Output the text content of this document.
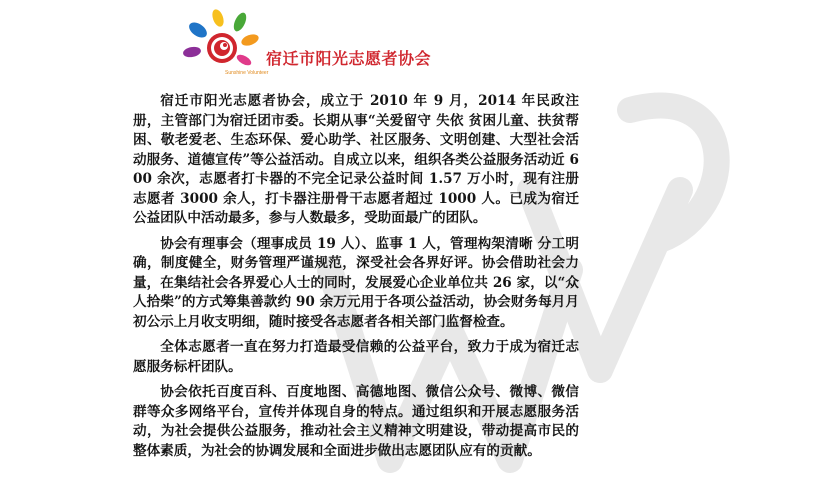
宿迁市阳光志愿者协会
Sunshine Volunteer

宿迁市阳光志愿者协会，成立于 2010 年 9 月，2014 年民政注册，主管部门为宿迁团市委。长期从事“关爱留守 失依 贫困儿童、扶贫帮困、敬老爱老、生态环保、爱心助学、社区服务、文明创建、大型社会活动服务、道德宣传”等公益活动。自成立以来，组织各类公益服务活动近 600 余次，志愿者打卡器的不完全记录公益时间 1.57 万小时，现有注册志愿者 3000 余人，打卡器注册骨干志愿者超过 1000 人。已成为宿迁公益团队中活动最多，参与人数最多，受助面最广的团队。

协会有理事会（理事成员 19 人）、监事 1 人，管理构架清晰 分工明确，制度健全，财务管理严谨规范，深受社会各界好评。协会借助社会力量，在集结社会各界爱心人士的同时，发展爱心企业单位共 26 家，以“众人拾柴”的方式筹集善款约 90 余万元用于各项公益活动，协会财务每月月初公示上月收支明细，随时接受各志愿者各相关部门监督检查。

全体志愿者一直在努力打造最受信赖的公益平台，致力于成为宿迁志愿服务标杆团队。

协会依托百度百科、百度地图、高德地图、微信公众号、微博、微信群等众多网络平台，宣传并体现自身的特点。通过组织和开展志愿服务活动，为社会提供公益服务，推动社会主义精神文明建设，带动提高市民的整体素质，为社会的协调发展和全面进步做出志愿团队应有的贡献。
